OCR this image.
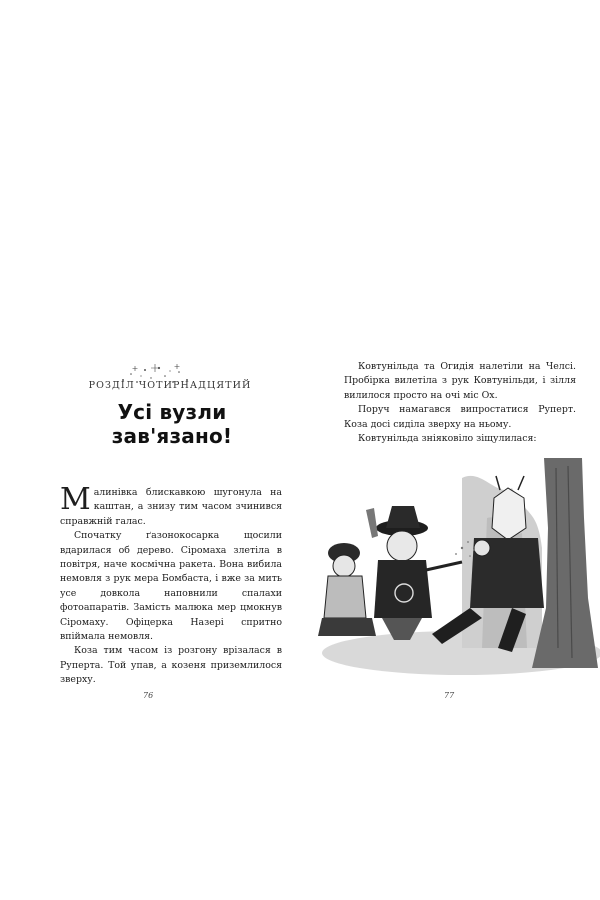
РОЗДІЛ ЧОТИРНАДЦЯТИЙ
Усі вузли зав'язано!

Малинівка блискавкою шугонула на каштан, а знизу тим часом зчинився справжній галас.

Спочатку ґазонокосарка щосили вдарилася об дерево. Сіромаха злетіла в повітря, наче космічна ракета. Вона вибила немовля з рук мера Бомбаста, і вже за мить усе довкола наповнили спалахи фотоапаратів. Замість малюка мер цмокнув Сіромаху. Офіцерка Назері спритно впіймала немовля.

Коза тим часом із розгону врізалася в Руперта. Той упав, а козеня приземлилося зверху.

76

Ковтунільда та Огидія налетіли на Челсі. Пробірка вилетіла з рук Ковтунільди, і зілля вилилося просто на очі міс Ох.

Поруч намагався випростатися Руперт. Коза досі сиділа зверху на ньому.

Ковтунільда зніяковіло зіщулилася:

77
